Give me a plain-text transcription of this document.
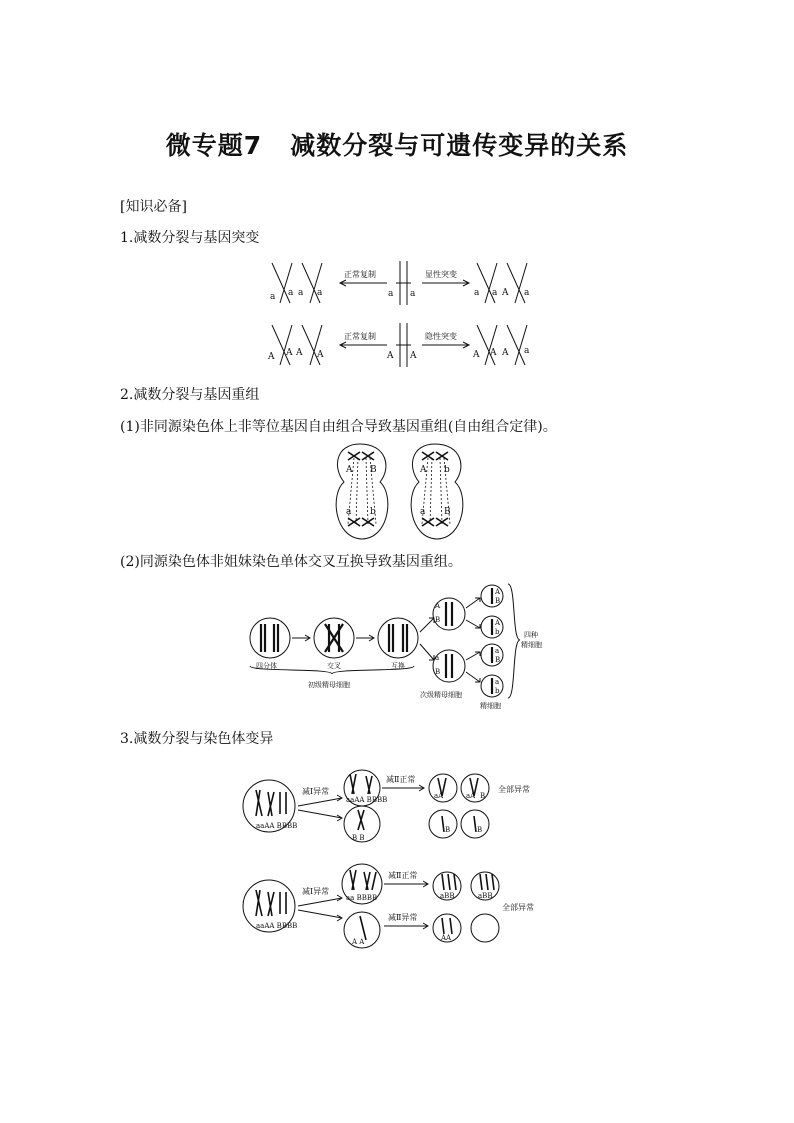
微专题7 减数分裂与可遗传变异的关系
[知识必备]
1.减数分裂与基因突变
正常复制	显性突变
a a
a a a a	a a A a
正常复制	隐性突变
A A
A A A A	A A A a
2.减数分裂与基因重组
(1)非同源染色体上非等位基因自由组合导致基因重组(自由组合定律)。
A B
a b
A b
a B
(2)同源染色体非姐妹染色单体交叉互换导致基因重组。
四分体	交叉	互换
初级精母细胞
次级精母细胞
精细胞
四种
精细胞
A
B
a
B
A
B
A
b
a
B
a
b
3.减数分裂与染色体变异
aaAA BBBB
aaAA BBBB
B B
减Ⅰ异常
减Ⅱ正常
aA	aA B
B	B
全部异常
aaAA BBBB
aa BBBB
A A
减Ⅰ异常
减Ⅱ正常
减Ⅱ异常
aBB	aBB
AA
全部异常
